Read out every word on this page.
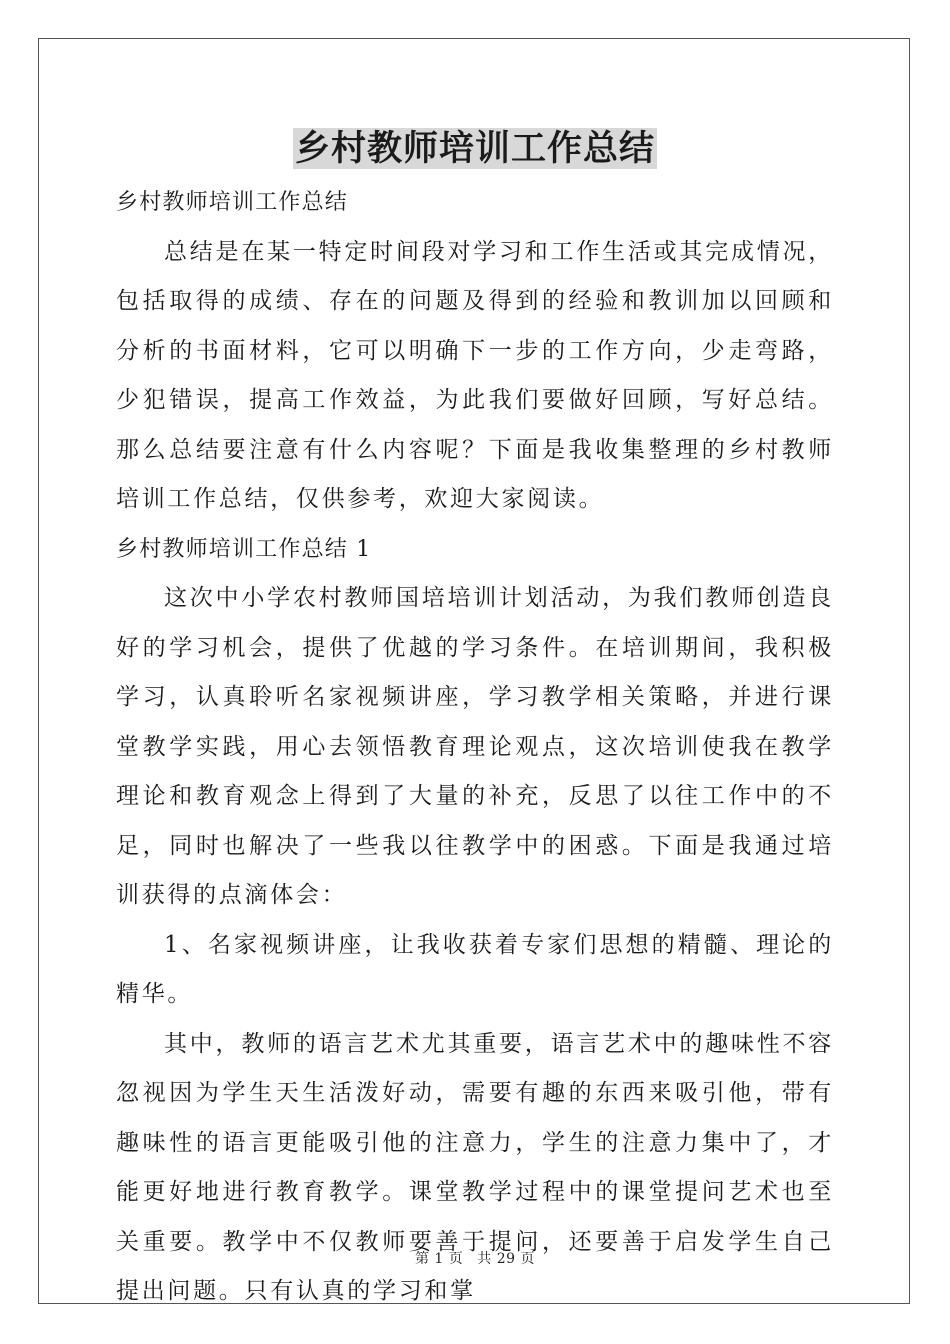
乡村教师培训工作总结

乡村教师培训工作总结

总结是在某一特定时间段对学习和工作生活或其完成情况，包括取得的成绩、存在的问题及得到的经验和教训加以回顾和分析的书面材料，它可以明确下一步的工作方向，少走弯路，少犯错误，提高工作效益，为此我们要做好回顾，写好总结。那么总结要注意有什么内容呢？下面是我收集整理的乡村教师培训工作总结，仅供参考，欢迎大家阅读。

乡村教师培训工作总结 1

这次中小学农村教师国培培训计划活动，为我们教师创造良好的学习机会，提供了优越的学习条件。在培训期间，我积极学习，认真聆听名家视频讲座，学习教学相关策略，并进行课堂教学实践，用心去领悟教育理论观点，这次培训使我在教学理论和教育观念上得到了大量的补充，反思了以往工作中的不足，同时也解决了一些我以往教学中的困惑。下面是我通过培训获得的点滴体会：

1、名家视频讲座，让我收获着专家们思想的精髓、理论的精华。

其中，教师的语言艺术尤其重要，语言艺术中的趣味性不容忽视因为学生天生活泼好动，需要有趣的东西来吸引他，带有趣味性的语言更能吸引他的注意力，学生的注意力集中了，才能更好地进行教育教学。课堂教学过程中的课堂提问艺术也至关重要。教学中不仅教师要善于提问，还要善于启发学生自己提出问题。只有认真的学习和掌

第 1 页 共 29 页
